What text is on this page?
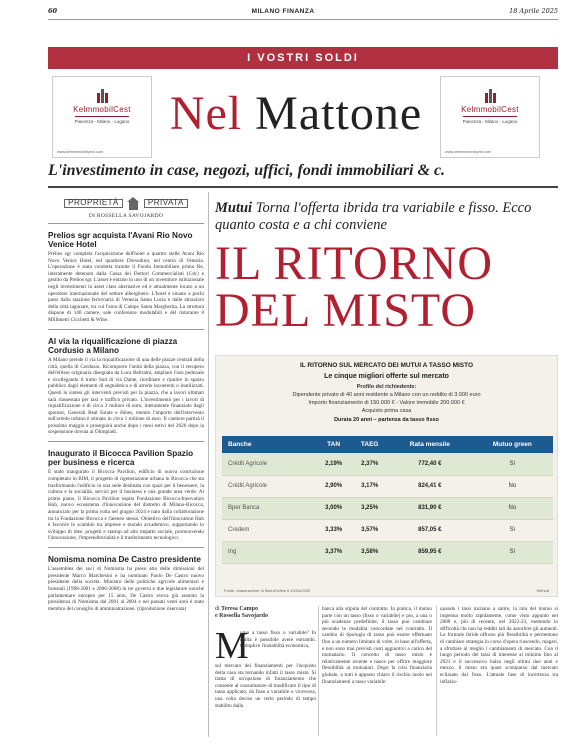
60	MILANO FINANZA	18 Aprile 2025
I VOSTRI SOLDI
KelmmobilCest
Piacenza - Milano - Lugano
www.kelmimmobiliyest.com
Nel Mattone	KelmmobilCest
Piacenza - Milano - Lugano
www.kelmimmobiliyest.com
L'investimento in case, negozi, uffici, fondi immobiliari & c.
PROPRIETÀ	PRIVATA
DI ROSSELLA SAVOJARDO
Prelios sgr acquista l'Avani Rio Novo Venice Hotel
Prelios sgr completa l'acquisizione dell'hotel a quattro stelle Avani Rio Novo Venice Hotel, nel quartiere Dorsoduro, nel centro di Venezia. L'operazione è stata condotta tramite il Fondo Immobiliare primo Re, interamente detenuto dalla Cassa dei Dottori Commercialisti (Cdc) e gestito da Prelios sgr. L'asset è entrato in uno di un investitore istituzionale negli investimenti in asset class alternative ed è attualmente locato a un operatore internazionale del settore alberghiero. L'hotel è situato a pochi passi dalla stazione ferroviaria di Venezia Santa Lucia e dalle attrazioni della città lagunare, tra cui l'area di Campo Santa Margherita. La struttura dispone di 140 camere, sale conferenze modulabili e del ristorante 8 Millimetri Cicchetti & Wine.
Al via la riqualificazione di piazza Cordusio a Milano
A Milano prende il via la riqualificazione di una delle piazze centrali della città, quella di Cordusio. Ricomporre l'unità della piazza, con il recupero dell'ellisse originaria disegnata da Luca Beltrami, ampliare l'uso pedonale e ricollegando il tratto Sud di via Dante, riordinare e ripulire lo spazio pubblico dagli elementi di segnaletica e di arredo incoerenti o inutilizzati. Questi in sintesi gli interventi previsti per la piazza, che a lavori ultimati sarà riassestata per taxi e traffico privato. L'investimento per i lavori di riqualificazione è di circa 3 milioni di euro, interamente finanziato dagli sponsor, Generali Real Estate e Hines, mentre l'importo dell'intervento sull'arredo urbano è stimato in circa 1 milione di euro. Il cantiere partirà il prossimo maggio e proseguirà anche dopo i mesi estivi del 2026 dopo la sospensione dovuta ai Olimpiadi.
Inaugurato il Bicocca Pavilion Spazio per business e ricerca
È stato inaugurato il Bicocca Pavilion, edificio di nuova costruzione completato in BIM, il progetto di rigenerazione urbana in Bicocca che sta trasformando l'edificio in una sede destinata con spazi per il benessere, la cultura e la socialità, servizi per il business e una grande area verde. Al primo piano, il Bicocca Pavilion ospita Fondazione Bicocca-Innovation Hub, nuovo ecosistema d'innovazione del distretto di Milano-Bicocca, annunciato per la prima volta nel giugno 2024 e nato dalla collaborazione tra la Fondazione Bicocca e l'ateneo stesso. Obiettivo dell'Innovation Hub è favorire lo scambio tra imprese e mondo accademico, supportando lo sviluppo di idee, progetti e startup ad alto impatto sociale, promuovendo l'innovazione, l'imprenditorialità e il trasferimento tecnologico.
Nomisma nomina De Castro presidente
L'assemblea dei soci di Nomisma ha preso atto delle dimissioni del presidente Marco Marchesini e ha nominato Paolo De Castro nuovo presidente della società. Ministro delle politiche agricole alimentari e forestali (1998-2001 e 2006-2008) in tre governi e due legislature nonché parlamentare europeo per 15 anni, De Castro aveva già assunto la presidenza di Nomisma dal 2001 al 2004 e nei passati venti anni è stato membro del consiglio di amministrazione. (riproduzione riservata)
Mutui Torna l'offerta ibrida tra variabile e fisso. Ecco quanto costa e a chi conviene
IL RITORNO
DEL MISTO
IL RITORNO SUL MERCATO DEI MUTUI A TASSO MISTO
Le cinque migliori offerte sul mercato
Profilo del richiedente:
Dipendente privato di 40 anni residente a Milano con un reddito di 3.000 euro
Importo finanziamento di 150.000 € - Valore immobile 200.000 €
Acquisto prima casa
Durata 20 anni – partenza da tasso fisso
Banche	TAN	TAEG	Rata mensile	Mutuo green
Crédit Agricole	2,19%	2,37%	772,40 €	Sì
Crédit Agricole	2,90%	3,17%	824,41 €	No
Bper Banca	3,00%	3,25%	831,90 €	No
Credem	3,33%	3,57%	857,05 €	Sì
Ing	3,37%	3,58%	859,95 €	Sì
Fonte: elaborazione di MutuiOnline.it 15/04/2025	Withub
di Teresa Campo
e Rossella Savojardo
M
utuo a tasso fisso o variabile? In realtà è possibile avere entrambi. Complice l'instabilità economica,
sul mercato dei finanziamenti per l'acquisto della casa sta tornando infatti il tasso misto. Si tratta di un'opzione di finanziamento che consente al consumatore di modificare il tipo di tasso applicato, da fisso a variabile o viceversa, una volta deciso un certo periodo di tempo stabilito dalla
banca alla stipula del contratto. In pratica, il mutuo parte con un tasso (fisso o variabile) e poi, a una o più scadenze predefinite, il tasso può cambiare secondo le modalità concordate nel contratto. Il cambio di tipologia di tasso può essere effettuato fino a un numero limitato di volte, in base all'offerta, e non sono mai previsti costi aggiuntivi a carico del mutuatario. Il concetto di tasso misto è relativamente recente e nasce per offrire maggiore flessibilità ai mutuatari. Dopo la crisi finanziaria globale, a tutti è apparso chiaro il rischio insito nei finanziamenti a tasso variabile:
quando i tassi iniziano a salire, la rata del mutuo si impenna molto rapidamente, come visto appunto nel 2008 e, più di recente, nel 2022-23, mettendo in difficoltà chi non ha redditi tali da assorbire gli aumenti. Le formule ibride offrono più flessibilità e permettono di cambiare strategia in corso d'opera riuscendo, magari, a sfruttare al meglio i cambiamenti di mercato. Con il lungo periodo dei tassi di interesse al minimo fino al 2021 e il successivo balzo negli ultimi due anni e mezzo, il misto era quasi scomparso dal mercato eclissato dal fisso. L'attuale fase di incertezza tra inflazio-
